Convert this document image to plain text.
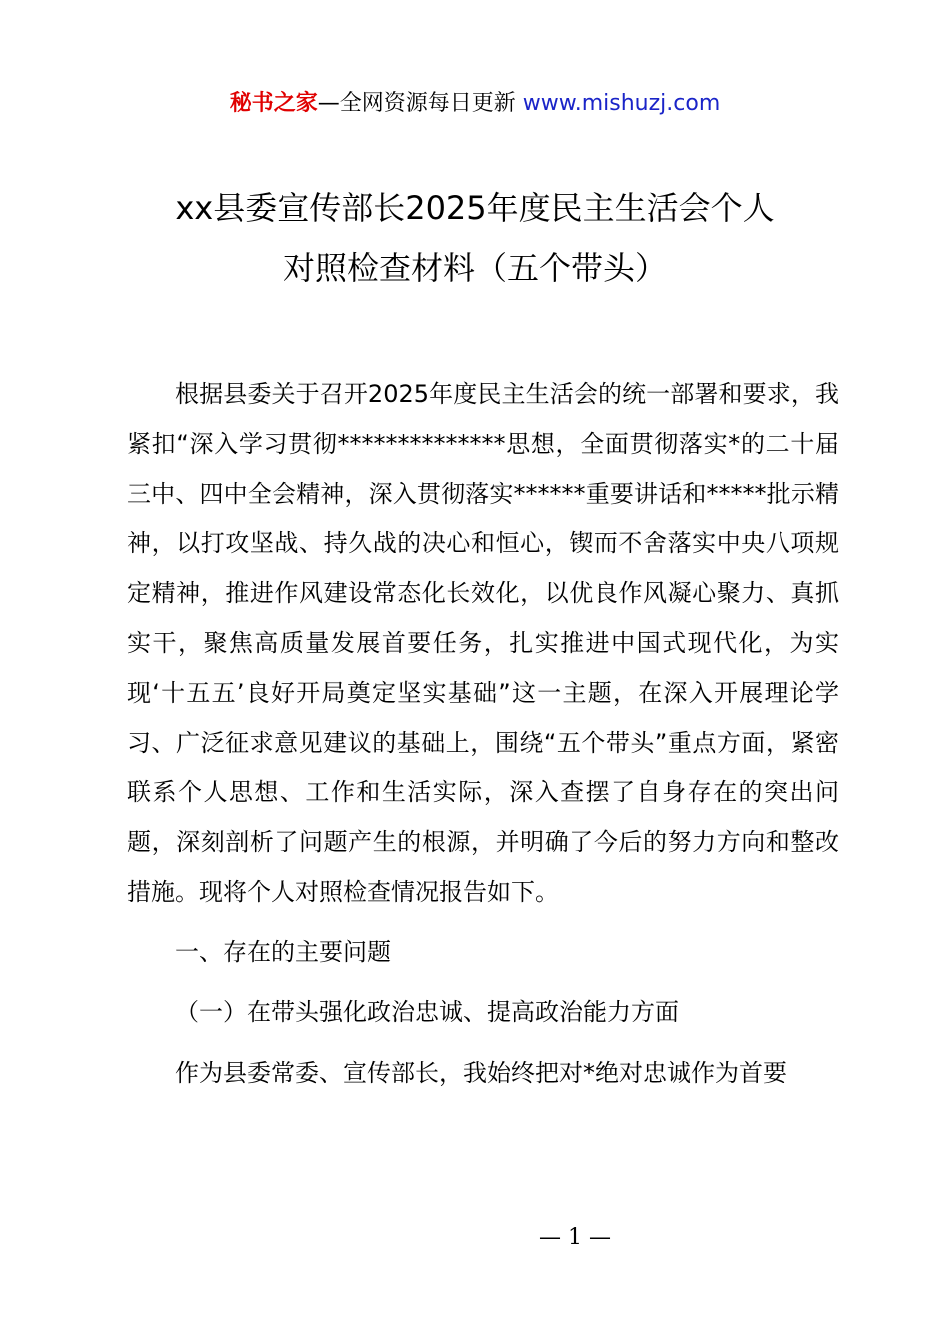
秘书之家—全网资源每日更新 www.mishuzj.com
xx县委宣传部长2025年度民主生活会个人
对照检查材料（五个带头）

根据县委关于召开2025年度民主生活会的统一部署和要求，我紧扣“深入学习贯彻**************思想，全面贯彻落实*的二十届三中、四中全会精神，深入贯彻落实******重要讲话和*****批示精神，以打攻坚战、持久战的决心和恒心，锲而不舍落实中央八项规定精神，推进作风建设常态化长效化，以优良作风凝心聚力、真抓实干，聚焦高质量发展首要任务，扎实推进中国式现代化，为实现‘十五五’良好开局奠定坚实基础”这一主题，在深入开展理论学习、广泛征求意见建议的基础上，围绕“五个带头”重点方面，紧密联系个人思想、工作和生活实际，深入查摆了自身存在的突出问题，深刻剖析了问题产生的根源，并明确了今后的努力方向和整改措施。现将个人对照检查情况报告如下。

一、存在的主要问题

（一）在带头强化政治忠诚、提高政治能力方面

作为县委常委、宣传部长，我始终把对*绝对忠诚作为首要

— 1 —
